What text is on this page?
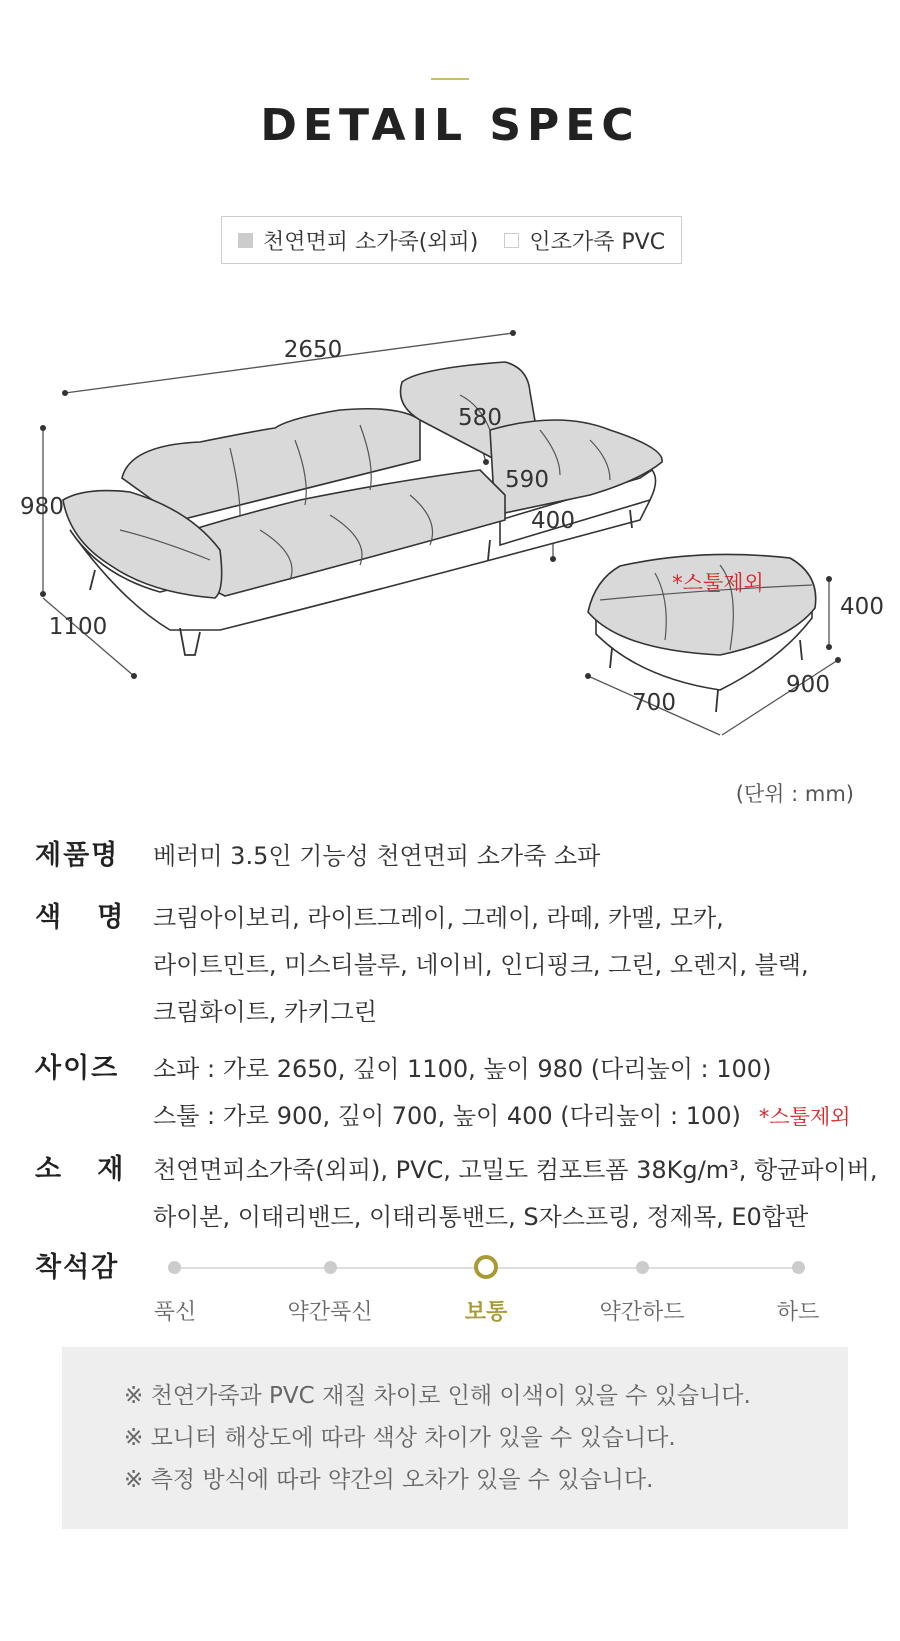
DETAIL SPEC
천연면피 소가죽(외피) 인조가죽 PVC
2650
980
1100
580
590
400
*스툴제외
400
900
700
(단위 : mm)
제품명 베러미 3.5인 기능성 천연면피 소가죽 소파
색   명 크림아이보리, 라이트그레이, 그레이, 라떼, 카멜, 모카,
라이트민트, 미스티블루, 네이비, 인디핑크, 그린, 오렌지, 블랙,
크림화이트, 카키그린
사이즈 소파 : 가로 2650, 깊이 1100, 높이 980 (다리높이 : 100)
스툴 : 가로 900, 깊이 700, 높이 400 (다리높이 : 100) *스툴제외
소   재 천연면피소가죽(외피), PVC, 고밀도 컴포트폼 38Kg/m³, 항균파이버,
하이본, 이태리밴드, 이태리통밴드, S자스프링, 정제목, E0합판
착석감
푹신	약간푹신	보통	약간하드	하드
※ 천연가죽과 PVC 재질 차이로 인해 이색이 있을 수 있습니다.
※ 모니터 해상도에 따라 색상 차이가 있을 수 있습니다.
※ 측정 방식에 따라 약간의 오차가 있을 수 있습니다.
